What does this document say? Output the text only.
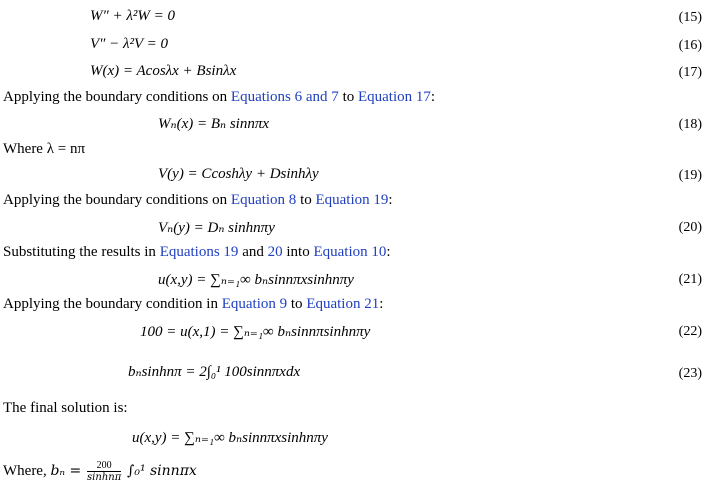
W″ + λ²W = 0	(15)
V″ − λ²V = 0	(16)
W(x) = Acosλx + Bsinλx	(17)
Applying the boundary conditions on Equations 6 and 7 to Equation 17:
Wₙ(x) = Bₙ sinnπx	(18)
Where λ = nπ
V(y) = Ccoshλy + Dsinhλy	(19)
Applying the boundary conditions on Equation 8 to Equation 19:
Vₙ(y) = Dₙ sinhnπy	(20)
Substituting the results in Equations 19 and 20 into Equation 10:
u(x,y) = ∑ₙ₌₁∞ bₙsinnπxsinhnπy	(21)
Applying the boundary condition in Equation 9 to Equation 21:
100 = u(x,1) = ∑ₙ₌₁∞ bₙsinnπsinhnπy	(22)
bₙsinhnπ = 2∫₀¹ 100sinnπxdx	(23)
The final solution is:
u(x,y) = ∑ₙ₌₁∞ bₙsinnπxsinhnπy
Where, $b_n = \frac{200}{\sinh n\pi} \int_0^1$ sinnπx
